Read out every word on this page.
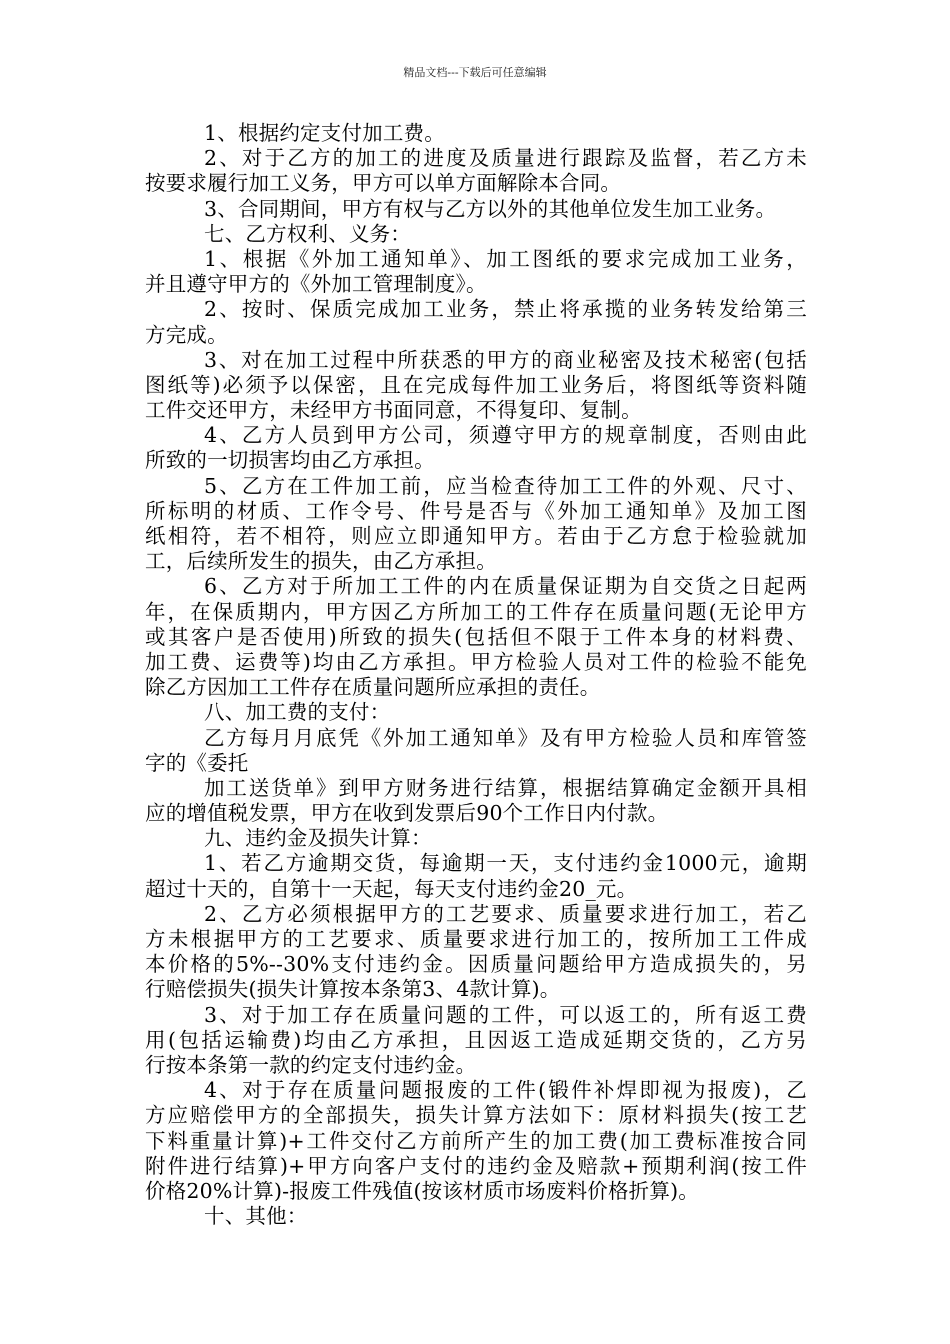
精品文档---下载后可任意编辑
1、根据约定支付加工费。
2、对于乙方的加工的进度及质量进行跟踪及监督，若乙方未
按要求履行加工义务，甲方可以单方面解除本合同。
3、合同期间，甲方有权与乙方以外的其他单位发生加工业务。
七、乙方权利、义务：
1、根据《外加工通知单》、加工图纸的要求完成加工业务，
并且遵守甲方的《外加工管理制度》。
2、按时、保质完成加工业务，禁止将承揽的业务转发给第三
方完成。
3、对在加工过程中所获悉的甲方的商业秘密及技术秘密(包括
图纸等)必须予以保密，且在完成每件加工业务后，将图纸等资料随
工件交还甲方，未经甲方书面同意，不得复印、复制。
4、乙方人员到甲方公司，须遵守甲方的规章制度，否则由此
所致的一切损害均由乙方承担。
5、乙方在工件加工前，应当检查待加工工件的外观、尺寸、
所标明的材质、工作令号、件号是否与《外加工通知单》及加工图
纸相符，若不相符，则应立即通知甲方。若由于乙方怠于检验就加
工，后续所发生的损失，由乙方承担。
6、乙方对于所加工工件的内在质量保证期为自交货之日起两
年，在保质期内，甲方因乙方所加工的工件存在质量问题(无论甲方
或其客户是否使用)所致的损失(包括但不限于工件本身的材料费、
加工费、运费等)均由乙方承担。甲方检验人员对工件的检验不能免
除乙方因加工工件存在质量问题所应承担的责任。
八、加工费的支付：
乙方每月月底凭《外加工通知单》及有甲方检验人员和库管签
字的《委托
加工送货单》到甲方财务进行结算，根据结算确定金额开具相
应的增值税发票，甲方在收到发票后90个工作日内付款。
九、违约金及损失计算：
1、若乙方逾期交货，每逾期一天，支付违约金1000元，逾期
超过十天的，自第十一天起，每天支付违约金20_元。
2、乙方必须根据甲方的工艺要求、质量要求进行加工，若乙
方未根据甲方的工艺要求、质量要求进行加工的，按所加工工件成
本价格的5%--30%支付违约金。因质量问题给甲方造成损失的，另
行赔偿损失(损失计算按本条第3、4款计算)。
3、对于加工存在质量问题的工件，可以返工的，所有返工费
用(包括运输费)均由乙方承担，且因返工造成延期交货的，乙方另
行按本条第一款的约定支付违约金。
4、对于存在质量问题报废的工件(锻件补焊即视为报废)，乙
方应赔偿甲方的全部损失，损失计算方法如下：原材料损失(按工艺
下料重量计算)+工件交付乙方前所产生的加工费(加工费标准按合同
附件进行结算)+甲方向客户支付的违约金及赔款+预期利润(按工件
价格20%计算)-报废工件残值(按该材质市场废料价格折算)。
十、其他：
